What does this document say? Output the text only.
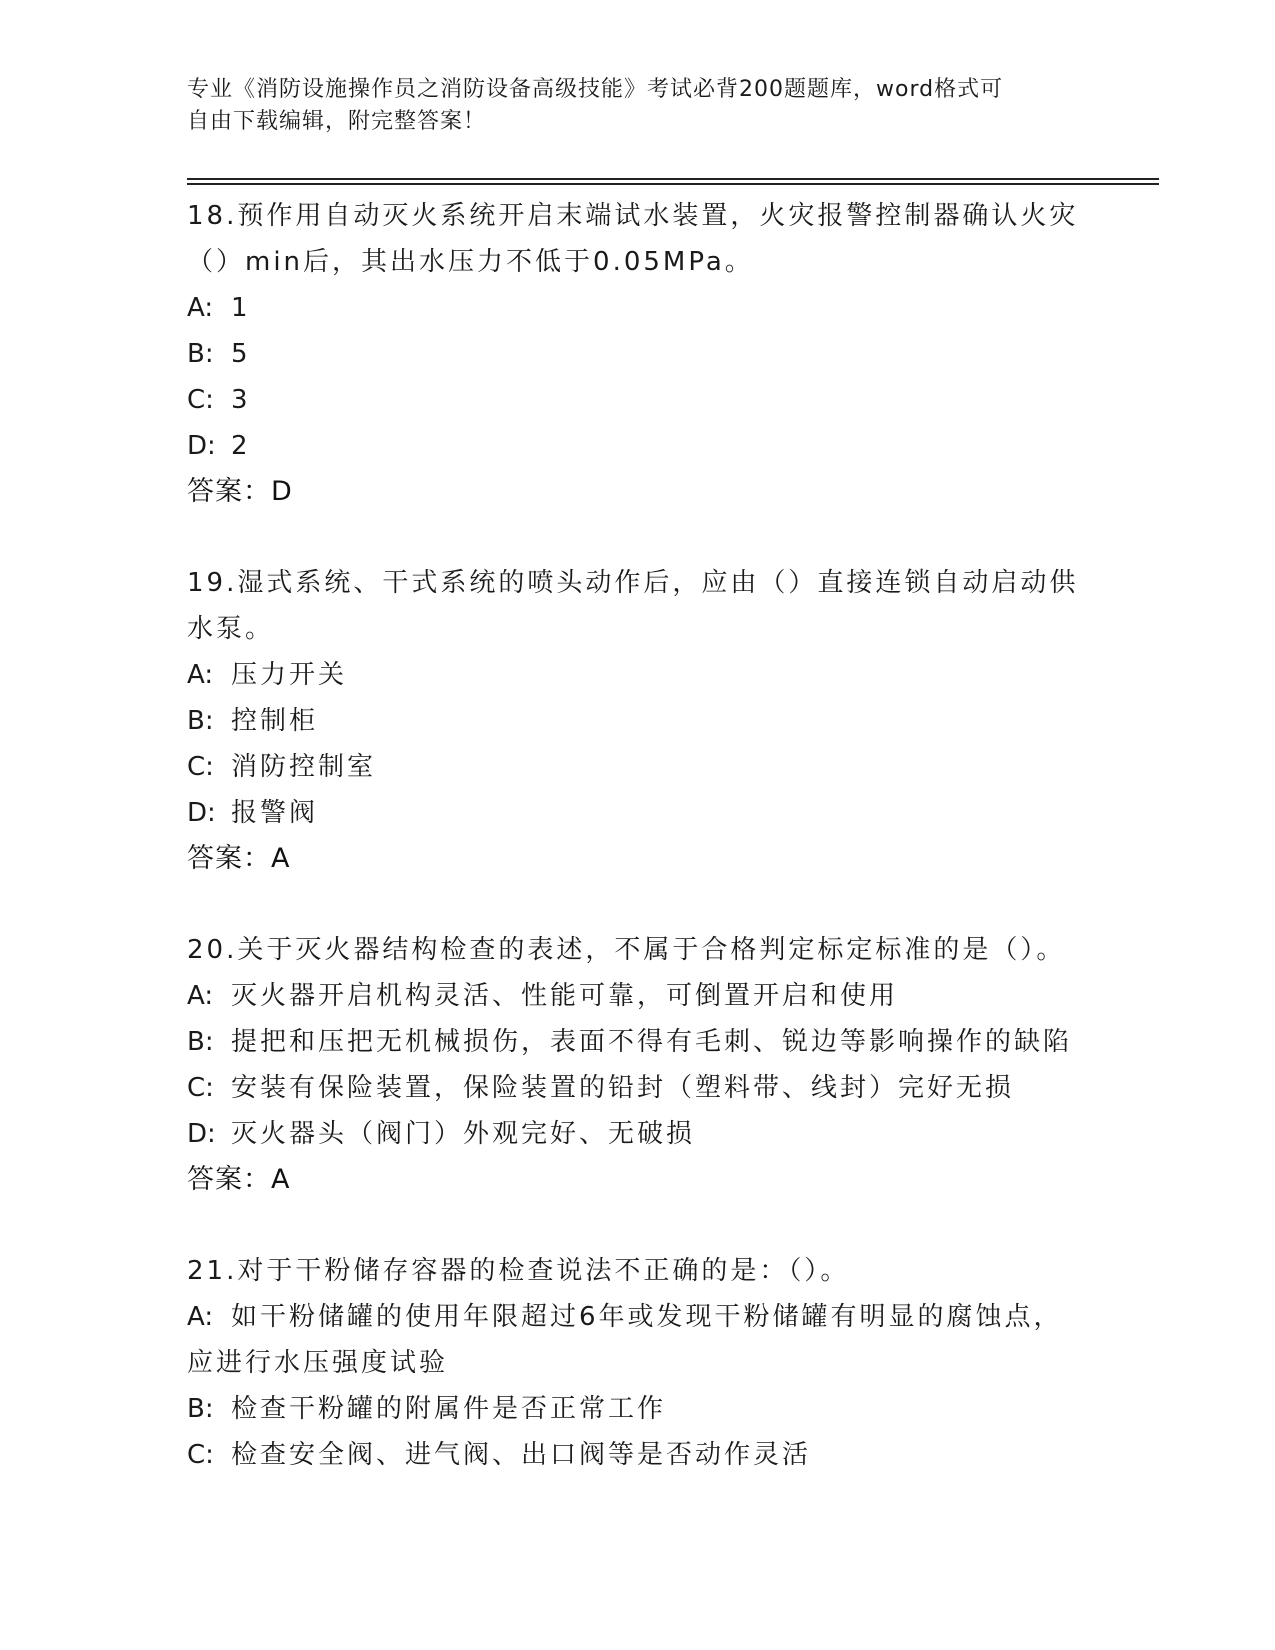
专业《消防设施操作员之消防设备高级技能》考试必背200题题库，word格式可
自由下载编辑，附完整答案！

18.预作用自动灭火系统开启末端试水装置，火灾报警控制器确认火灾

（）min后，其出水压力不低于0.05MPa。

A: 1

B: 5

C: 3

D: 2

答案：D

19.湿式系统、干式系统的喷头动作后，应由（）直接连锁自动启动供

水泵。

A: 压力开关

B: 控制柜

C: 消防控制室

D: 报警阀

答案：A

20.关于灭火器结构检查的表述，不属于合格判定标定标准的是（）。

A: 灭火器开启机构灵活、性能可靠，可倒置开启和使用

B: 提把和压把无机械损伤，表面不得有毛刺、锐边等影响操作的缺陷

C: 安装有保险装置，保险装置的铅封（塑料带、线封）完好无损

D: 灭火器头（阀门）外观完好、无破损

答案：A

21.对于干粉储存容器的检查说法不正确的是：（）。

A: 如干粉储罐的使用年限超过6年或发现干粉储罐有明显的腐蚀点，

应进行水压强度试验

B: 检查干粉罐的附属件是否正常工作

C: 检查安全阀、进气阀、出口阀等是否动作灵活
